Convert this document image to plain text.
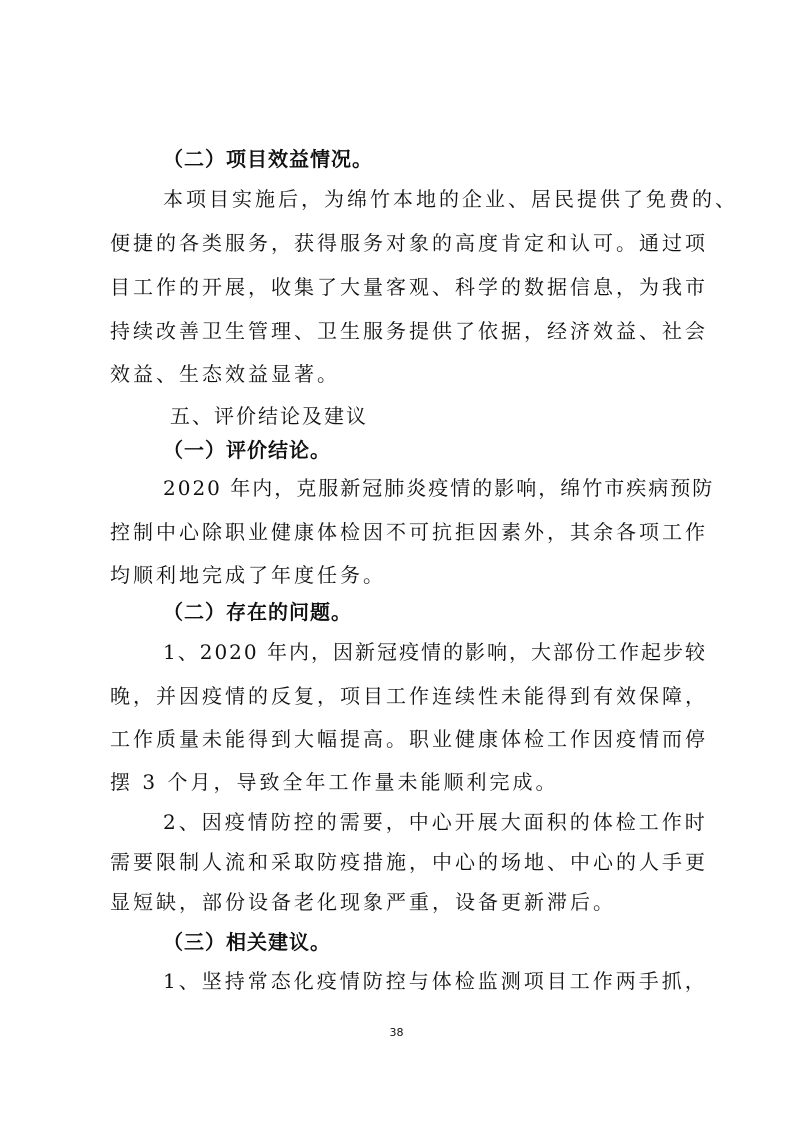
（二）项目效益情况。
本项目实施后，为绵竹本地的企业、居民提供了免费的、
便捷的各类服务，获得服务对象的高度肯定和认可。通过项
目工作的开展，收集了大量客观、科学的数据信息，为我市
持续改善卫生管理、卫生服务提供了依据，经济效益、社会
效益、生态效益显著。
五、评价结论及建议
（一）评价结论。
2020 年内，克服新冠肺炎疫情的影响，绵竹市疾病预防
控制中心除职业健康体检因不可抗拒因素外，其余各项工作
均顺利地完成了年度任务。
（二）存在的问题。
1、2020 年内，因新冠疫情的影响，大部份工作起步较
晚，并因疫情的反复，项目工作连续性未能得到有效保障，
工作质量未能得到大幅提高。职业健康体检工作因疫情而停
摆 3 个月，导致全年工作量未能顺利完成。
2、因疫情防控的需要，中心开展大面积的体检工作时
需要限制人流和采取防疫措施，中心的场地、中心的人手更
显短缺，部份设备老化现象严重，设备更新滞后。
（三）相关建议。
1、坚持常态化疫情防控与体检监测项目工作两手抓，
38
